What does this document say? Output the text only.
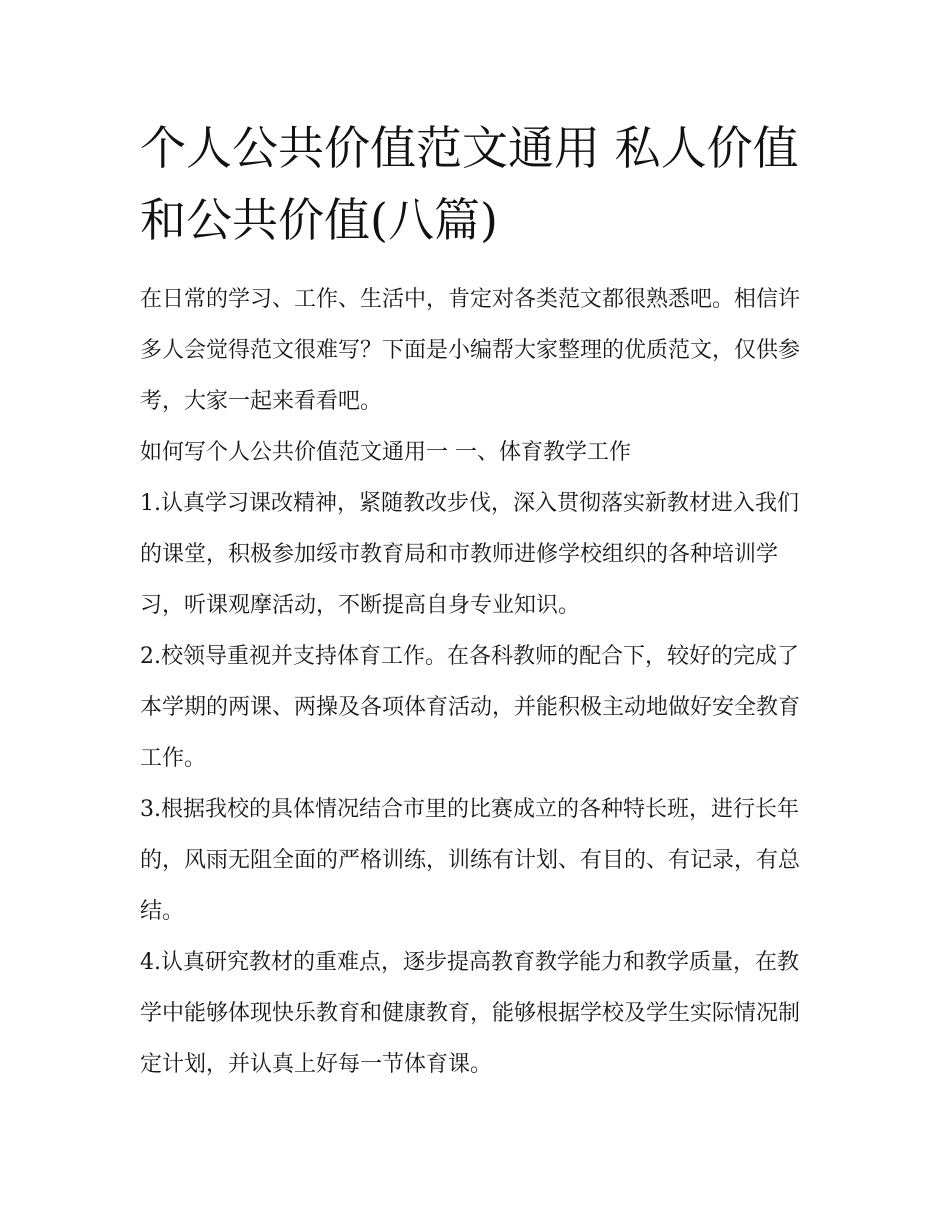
个人公共价值范文通用 私人价值和公共价值(八篇)

在日常的学习、工作、生活中，肯定对各类范文都很熟悉吧。相信许多人会觉得范文很难写？下面是小编帮大家整理的优质范文，仅供参考，大家一起来看看吧。

如何写个人公共价值范文通用一 一、体育教学工作

1.认真学习课改精神，紧随教改步伐，深入贯彻落实新教材进入我们的课堂，积极参加绥市教育局和市教师进修学校组织的各种培训学习，听课观摩活动，不断提高自身专业知识。

2.校领导重视并支持体育工作。在各科教师的配合下，较好的完成了本学期的两课、两操及各项体育活动，并能积极主动地做好安全教育工作。

3.根据我校的具体情况结合市里的比赛成立的各种特长班，进行长年的，风雨无阻全面的严格训练，训练有计划、有目的、有记录，有总结。

4.认真研究教材的重难点，逐步提高教育教学能力和教学质量，在教学中能够体现快乐教育和健康教育，能够根据学校及学生实际情况制定计划，并认真上好每一节体育课。
